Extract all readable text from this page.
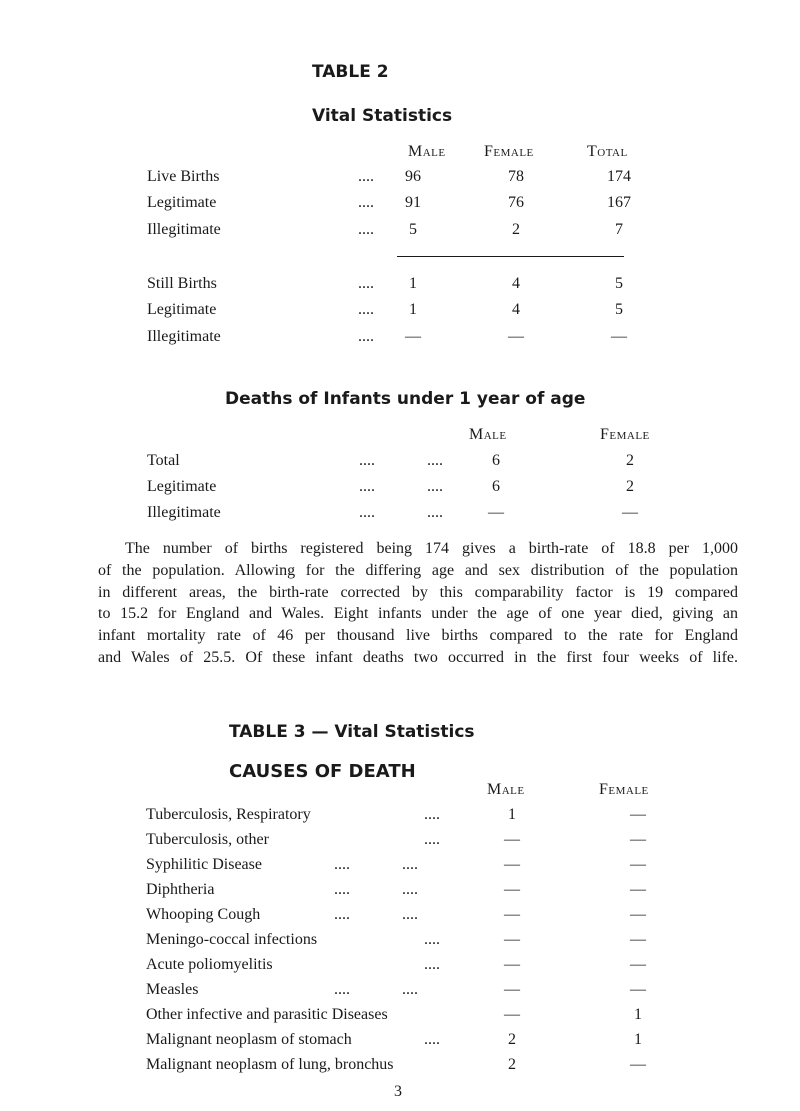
TABLE 2
Vital Statistics
Male Female	Total
Live Births	....	96	78	174
Legitimate	....	91	76	167
Illegitimate	....	5	2	7
Still Births	....	1	4	5
Legitimate	....	1	4	5
Illegitimate	....	—	—	—
Deaths of Infants under 1 year of age
Male	Female
Total	....	....	6	2
Legitimate	....	....	6	2
Illegitimate	....	....	—	—
The number of births registered being 174 gives a birth-rate of 18.8 per 1,000
of the population. Allowing for the differing age and sex distribution of the population
in different areas, the birth-rate corrected by this comparability factor is 19 compared
to 15.2 for England and Wales. Eight infants under the age of one year died, giving an
infant mortality rate of 46 per thousand live births compared to the rate for England
and Wales of 25.5. Of these infant deaths two occurred in the first four weeks of life.
TABLE 3 — Vital Statistics
CAUSES OF DEATH
Male	Female
Tuberculosis, Respiratory	....	1	—
Tuberculosis, other	....	—	—
Syphilitic Disease	.... ....	—	—
Diphtheria	.... ....	—	—
Whooping Cough	.... ....	—	—
Meningo-coccal infections	....	—	—
Acute poliomyelitis	....	—	—
Measles	.... ....	—	—
Other infective and parasitic Diseases	—	1
Malignant neoplasm of stomach	....	2	1
Malignant neoplasm of lung, bronchus	2	—
3
